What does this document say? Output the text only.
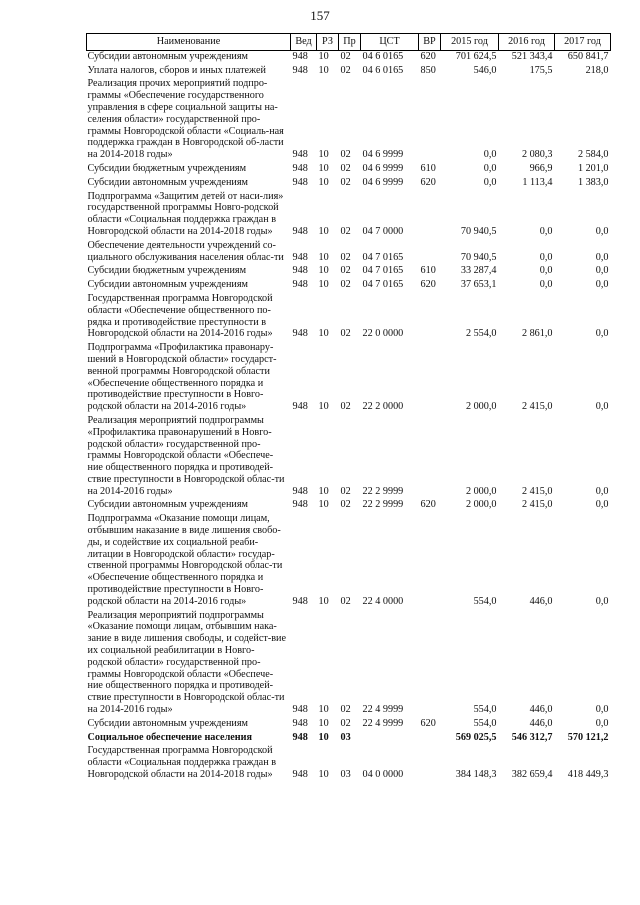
157
Наименование	Вед	РЗ	Пр	ЦСТ	ВР	2015 год	2016 год	2017 год
Субсидии автономным учреждениям	948	10	02	04 6 0165	620	701 624,5	521 343,4	650 841,7
Уплата налогов, сборов и иных платежей	948	10	02	04 6 0165	850	546,0	175,5	218,0
Реализация прочих мероприятий подпро-граммы «Обеспечение государственного управления в сфере социальной защиты на-селения области» государственной про-граммы Новгородской области «Социаль-ная поддержка граждан в Новгородской об-ласти на 2014-2018 годы»	948	10	02	04 6 9999		0,0	2 080,3	2 584,0
Субсидии бюджетным учреждениям	948	10	02	04 6 9999	610	0,0	966,9	1 201,0
Субсидии автономным учреждениям	948	10	02	04 6 9999	620	0,0	1 113,4	1 383,0
Подпрограмма «Защитим детей от наси-лия» государственной программы Новго-родской области «Социальная поддержка граждан в Новгородской области на 2014-2018 годы»	948	10	02	04 7 0000		70 940,5	0,0	0,0
Обеспечение деятельности учреждений со-циального обслуживания населения облас-ти	948	10	02	04 7 0165		70 940,5	0,0	0,0
Субсидии бюджетным учреждениям	948	10	02	04 7 0165	610	33 287,4	0,0	0,0
Субсидии автономным учреждениям	948	10	02	04 7 0165	620	37 653,1	0,0	0,0
Государственная программа Новгородской области «Обеспечение общественного по-рядка и противодействие преступности в Новгородской области на 2014-2016 годы»	948	10	02	22 0 0000		2 554,0	2 861,0	0,0
Подпрограмма «Профилактика правонару-шений в Новгородской области» государст-венной программы Новгородской области «Обеспечение общественного порядка и противодействие преступности в Новго-родской области на 2014-2016 годы»	948	10	02	22 2 0000		2 000,0	2 415,0	0,0
Реализация мероприятий подпрограммы «Профилактика правонарушений в Новго-родской области» государственной про-граммы Новгородской области «Обеспече-ние общественного порядка и противодей-ствие преступности в Новгородской облас-ти на 2014-2016 годы»	948	10	02	22 2 9999		2 000,0	2 415,0	0,0
Субсидии автономным учреждениям	948	10	02	22 2 9999	620	2 000,0	2 415,0	0,0
Подпрограмма «Оказание помощи лицам, отбывшим наказание в виде лишения свобо-ды, и содействие их социальной реаби-литации в Новгородской области» государ-ственной программы Новгородской облас-ти «Обеспечение общественного порядка и противодействие преступности в Новго-родской области на 2014-2016 годы»	948	10	02	22 4 0000		554,0	446,0	0,0
Реализация мероприятий подпрограммы «Оказание помощи лицам, отбывшим нака-зание в виде лишения свободы, и содейст-вие их социальной реабилитации в Новго-родской области» государственной про-граммы Новгородской области «Обеспече-ние общественного порядка и противодей-ствие преступности в Новгородской облас-ти на 2014-2016 годы»	948	10	02	22 4 9999		554,0	446,0	0,0
Субсидии автономным учреждениям	948	10	02	22 4 9999	620	554,0	446,0	0,0
Социальное обеспечение населения	948	10	03			569 025,5	546 312,7	570 121,2
Государственная программа Новгородской области «Социальная поддержка граждан в Новгородской области на 2014-2018 годы»	948	10	03	04 0 0000		384 148,3	382 659,4	418 449,3
